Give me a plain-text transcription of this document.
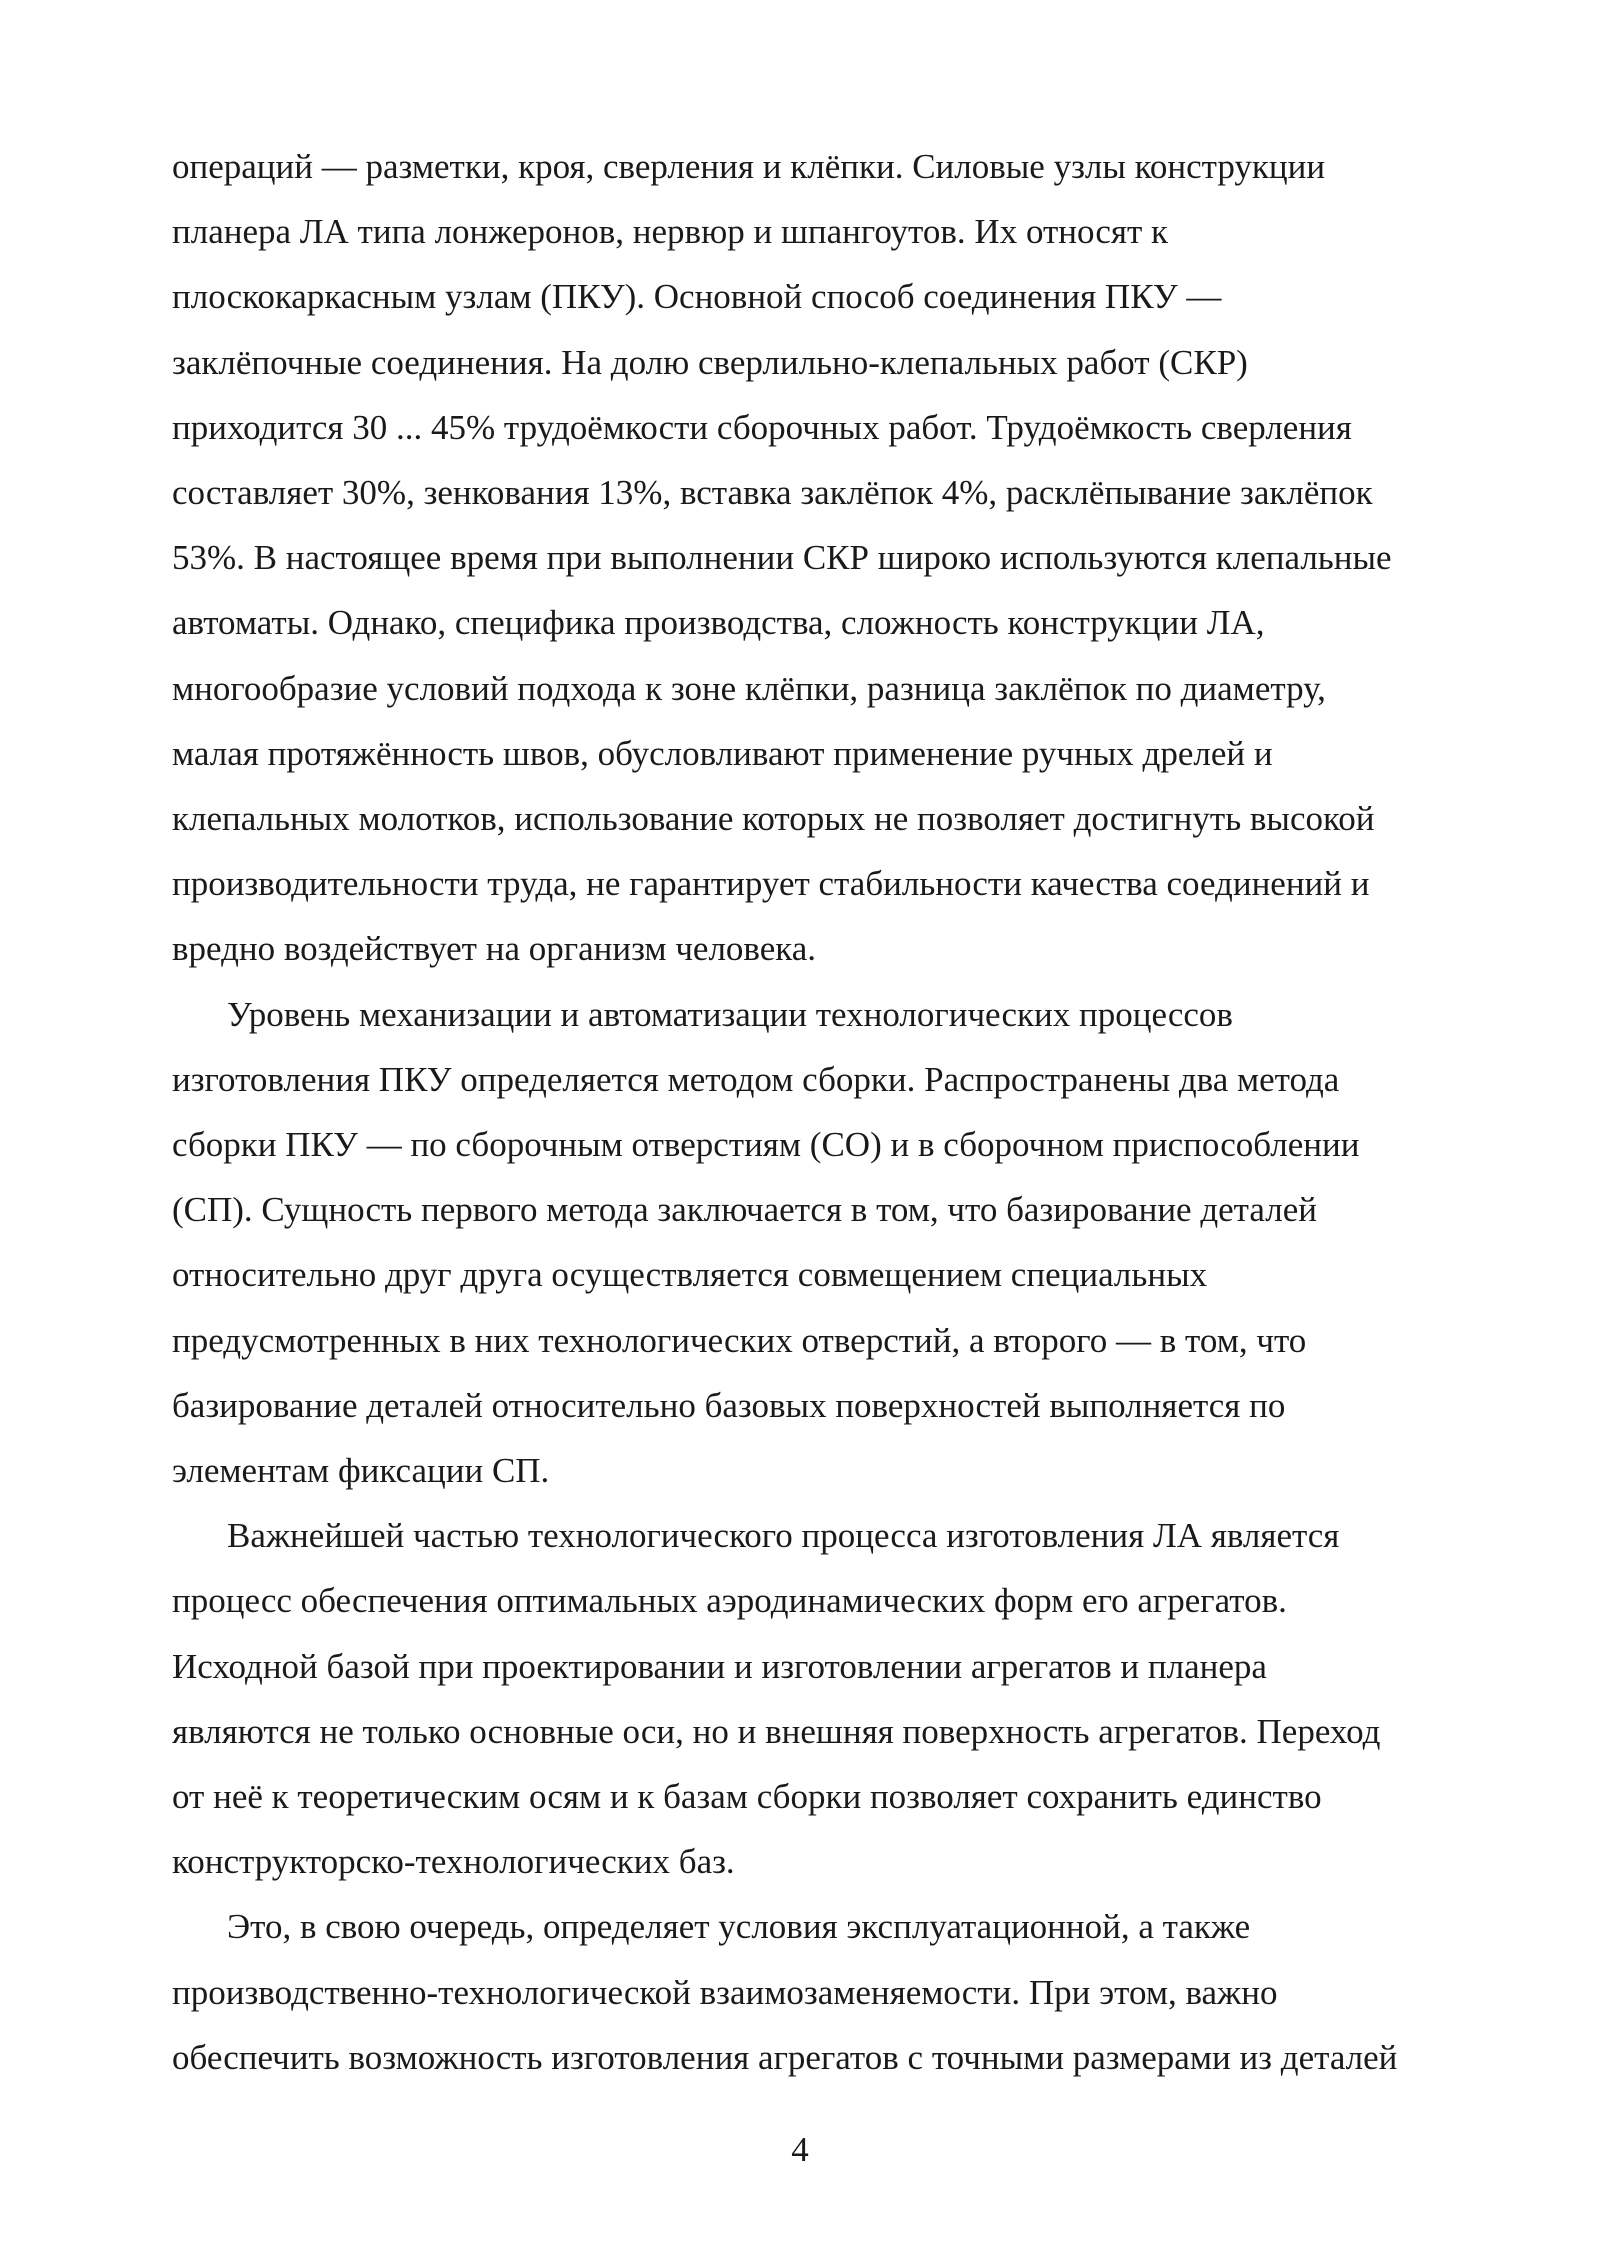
операций — разметки, кроя, сверления и клёпки. Силовые узлы конструкции
планера ЛА типа лонжеронов, нервюр и шпангоутов. Их относят к
плоскокаркасным узлам (ПКУ). Основной способ соединения ПКУ —
заклёпочные соединения. На долю сверлильно-клепальных работ (СКР)
приходится 30 ... 45% трудоёмкости сборочных работ. Трудоёмкость сверления
составляет 30%, зенкования 13%, вставка заклёпок 4%, расклёпывание заклёпок
53%. В настоящее время при выполнении СКР широко используются клепальные
автоматы. Однако, специфика производства, сложность конструкции ЛА,
многообразие условий подхода к зоне клёпки, разница заклёпок по диаметру,
малая протяжённость швов, обусловливают применение ручных дрелей и
клепальных молотков, использование которых не позволяет достигнуть высокой
производительности труда, не гарантирует стабильности качества соединений и
вредно воздействует на организм человека.

Уровень механизации и автоматизации технологических процессов
изготовления ПКУ определяется методом сборки. Распространены два метода
сборки ПКУ — по сборочным отверстиям (СО) и в сборочном приспособлении
(СП). Сущность первого метода заключается в том, что базирование деталей
относительно друг друга осуществляется совмещением специальных
предусмотренных в них технологических отверстий, а второго — в том, что
базирование деталей относительно базовых поверхностей выполняется по
элементам фиксации СП.

Важнейшей частью технологического процесса изготовления ЛА является
процесс обеспечения оптимальных аэродинамических форм его агрегатов.
Исходной базой при проектировании и изготовлении агрегатов и планера
являются не только основные оси, но и внешняя поверхность агрегатов. Переход
от неё к теоретическим осям и к базам сборки позволяет сохранить единство
конструкторско-технологических баз.

Это, в свою очередь, определяет условия эксплуатационной, а также
производственно-технологической взаимозаменяемости. При этом, важно
обеспечить возможность изготовления агрегатов с точными размерами из деталей

4
